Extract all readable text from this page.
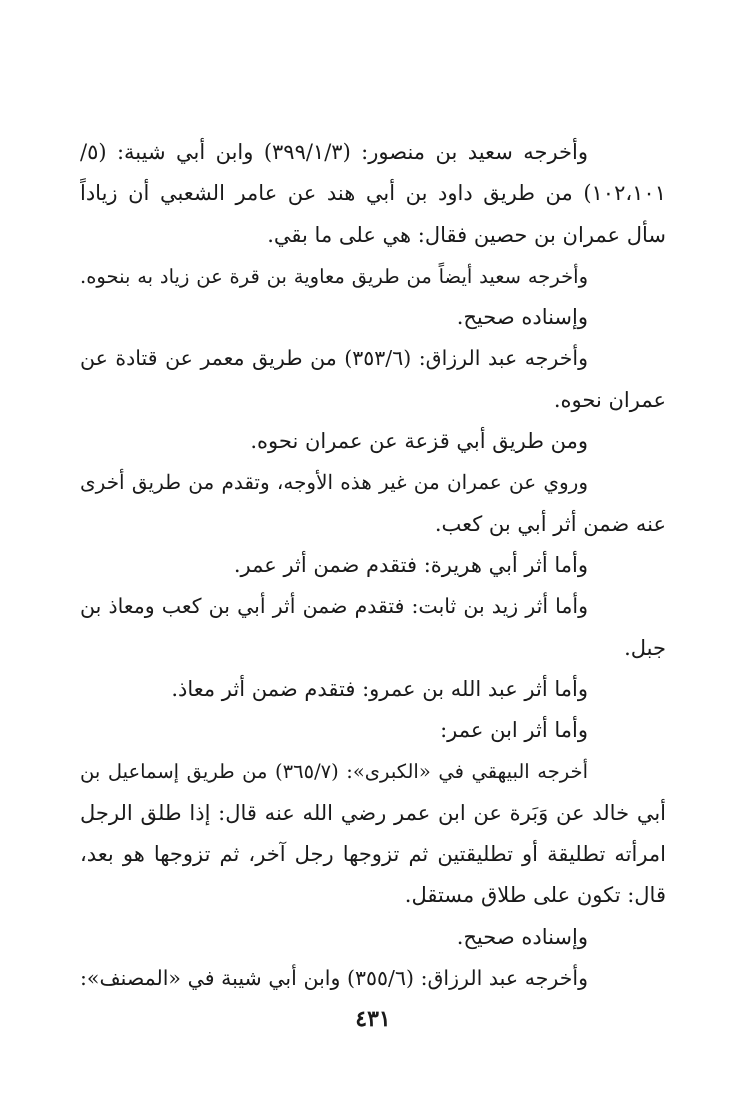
وأخرجه سعيد بن منصور: (٣٩٩/١/٣) وابن أبي شيبة: (٥/
١٠٢،١٠١) من طريق داود بن أبي هند عن عامر الشعبي أن زياداً
سأل عمران بن حصين فقال: هي على ما بقي.
وأخرجه سعيد أيضاً من طريق معاوية بن قرة عن زياد به بنحوه.
وإسناده صحيح.
وأخرجه عبد الرزاق: (٣٥٣/٦) من طريق معمر عن قتادة عن
عمران نحوه.
ومن طريق أبي قزعة عن عمران نحوه.
وروي عن عمران من غير هذه الأوجه، وتقدم من طريق أخرى
عنه ضمن أثر أبي بن كعب.
وأما أثر أبي هريرة: فتقدم ضمن أثر عمر.
وأما أثر زيد بن ثابت: فتقدم ضمن أثر أبي بن كعب ومعاذ بن
جبل.
وأما أثر عبد الله بن عمرو: فتقدم ضمن أثر معاذ.
وأما أثر ابن عمر:
أخرجه البيهقي في «الكبرى»: (٣٦٥/٧) من طريق إسماعيل بن
أبي خالد عن وَبَرة عن ابن عمر رضي الله عنه قال: إذا طلق الرجل
امرأته تطليقة أو تطليقتين ثم تزوجها رجل آخر، ثم تزوجها هو بعد،
قال: تكون على طلاق مستقل.
وإسناده صحيح.
وأخرجه عبد الرزاق: (٣٥٥/٦) وابن أبي شيبة في «المصنف»:
٤٣١
